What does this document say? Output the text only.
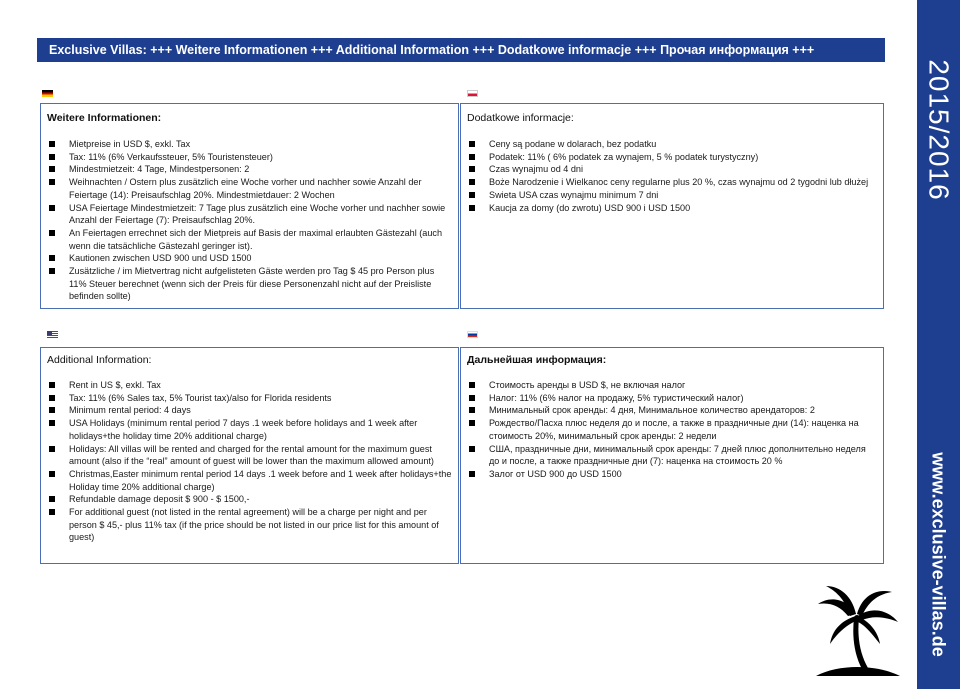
Exclusive Villas: +++ Weitere Informationen +++ Additional Information +++ Dodatkowe informacje +++ Прочая информация +++
2015/2016
www.exclusive-villas.de
Weitere Informationen:	Dodatkowe informacje:
Additional Information:	Дальнейшая информация:
Mietpreise in USD $, exkl. Tax
Tax: 11% (6% Verkaufssteuer, 5% Touristensteuer)
Mindestmietzeit: 4 Tage, Mindestpersonen: 2
Weihnachten / Ostern plus zusätzlich eine Woche vorher und nachher sowie Anzahl der Feiertage (14): Preisaufschlag 20%. Mindestmietdauer: 2 Wochen
USA Feiertage Mindestmietzeit: 7 Tage plus zusätzlich eine Woche vorher und nachher sowie Anzahl der Feiertage (7): Preisaufschlag 20%.
An Feiertagen errechnet sich der Mietpreis auf Basis der maximal erlaubten Gästezahl (auch wenn die tatsächliche Gästezahl geringer ist).
Kautionen zwischen USD 900 und USD 1500
Zusätzliche / im Mietvertrag nicht aufgelisteten Gäste werden pro Tag $ 45 pro Person plus 11% Steuer berechnet (wenn sich der Preis für diese Personenzahl nicht auf der Preisliste befinden sollte)
Ceny są podane w dolarach, bez podatku
Podatek: 11% ( 6% podatek za wynajem, 5 % podatek turystyczny)
Czas wynajmu od 4 dni
Boże Narodzenie i Wielkanoc ceny regularne plus 20 %, czas wynajmu od 2 tygodni lub dłużej
Swieta USA czas wynajmu minimum 7 dni
Kaucja za domy (do zwrotu) USD 900 i USD 1500
Rent in US $, exkl. Tax
Tax: 11% (6% Sales tax, 5% Tourist tax)/also for Florida residents
Minimum rental period: 4 days
USA Holidays (minimum rental period 7 days .1 week before holidays and 1 week after holidays+the holiday time 20% additional charge)
Holidays: All villas will be rented and charged for the rental amount for the maximum guest amount (also if the “real” amount of guest will be lower than the maximum allowed amount)
Christmas,Easter minimum rental period 14 days .1 week before and 1 week after holidays+the Holiday time 20% additional charge)
Refundable damage deposit $ 900 - $ 1500,-
For additional guest (not listed in the rental agreement) will be a charge per night and per person $ 45,- plus 11% tax (if the price should be not listed in our price list for this amount of guest)
Стоимость аренды в USD $, не включая налог
Налог: 11% (6% налог на продажу, 5% туристический налог)
Минимальный срок аренды: 4 дня, Минимальное количество арендаторов: 2
Рождество/Пасха плюс неделя до и после, а также в праздничные дни (14): наценка на стоимость 20%, минимальный срок аренды: 2 недели
США, праздничные дни, минимальный срок аренды: 7 дней плюс дополнительно неделя до и после, а также праздничные дни (7): наценка на стоимость 20 %
Залог от USD 900 до USD 1500
